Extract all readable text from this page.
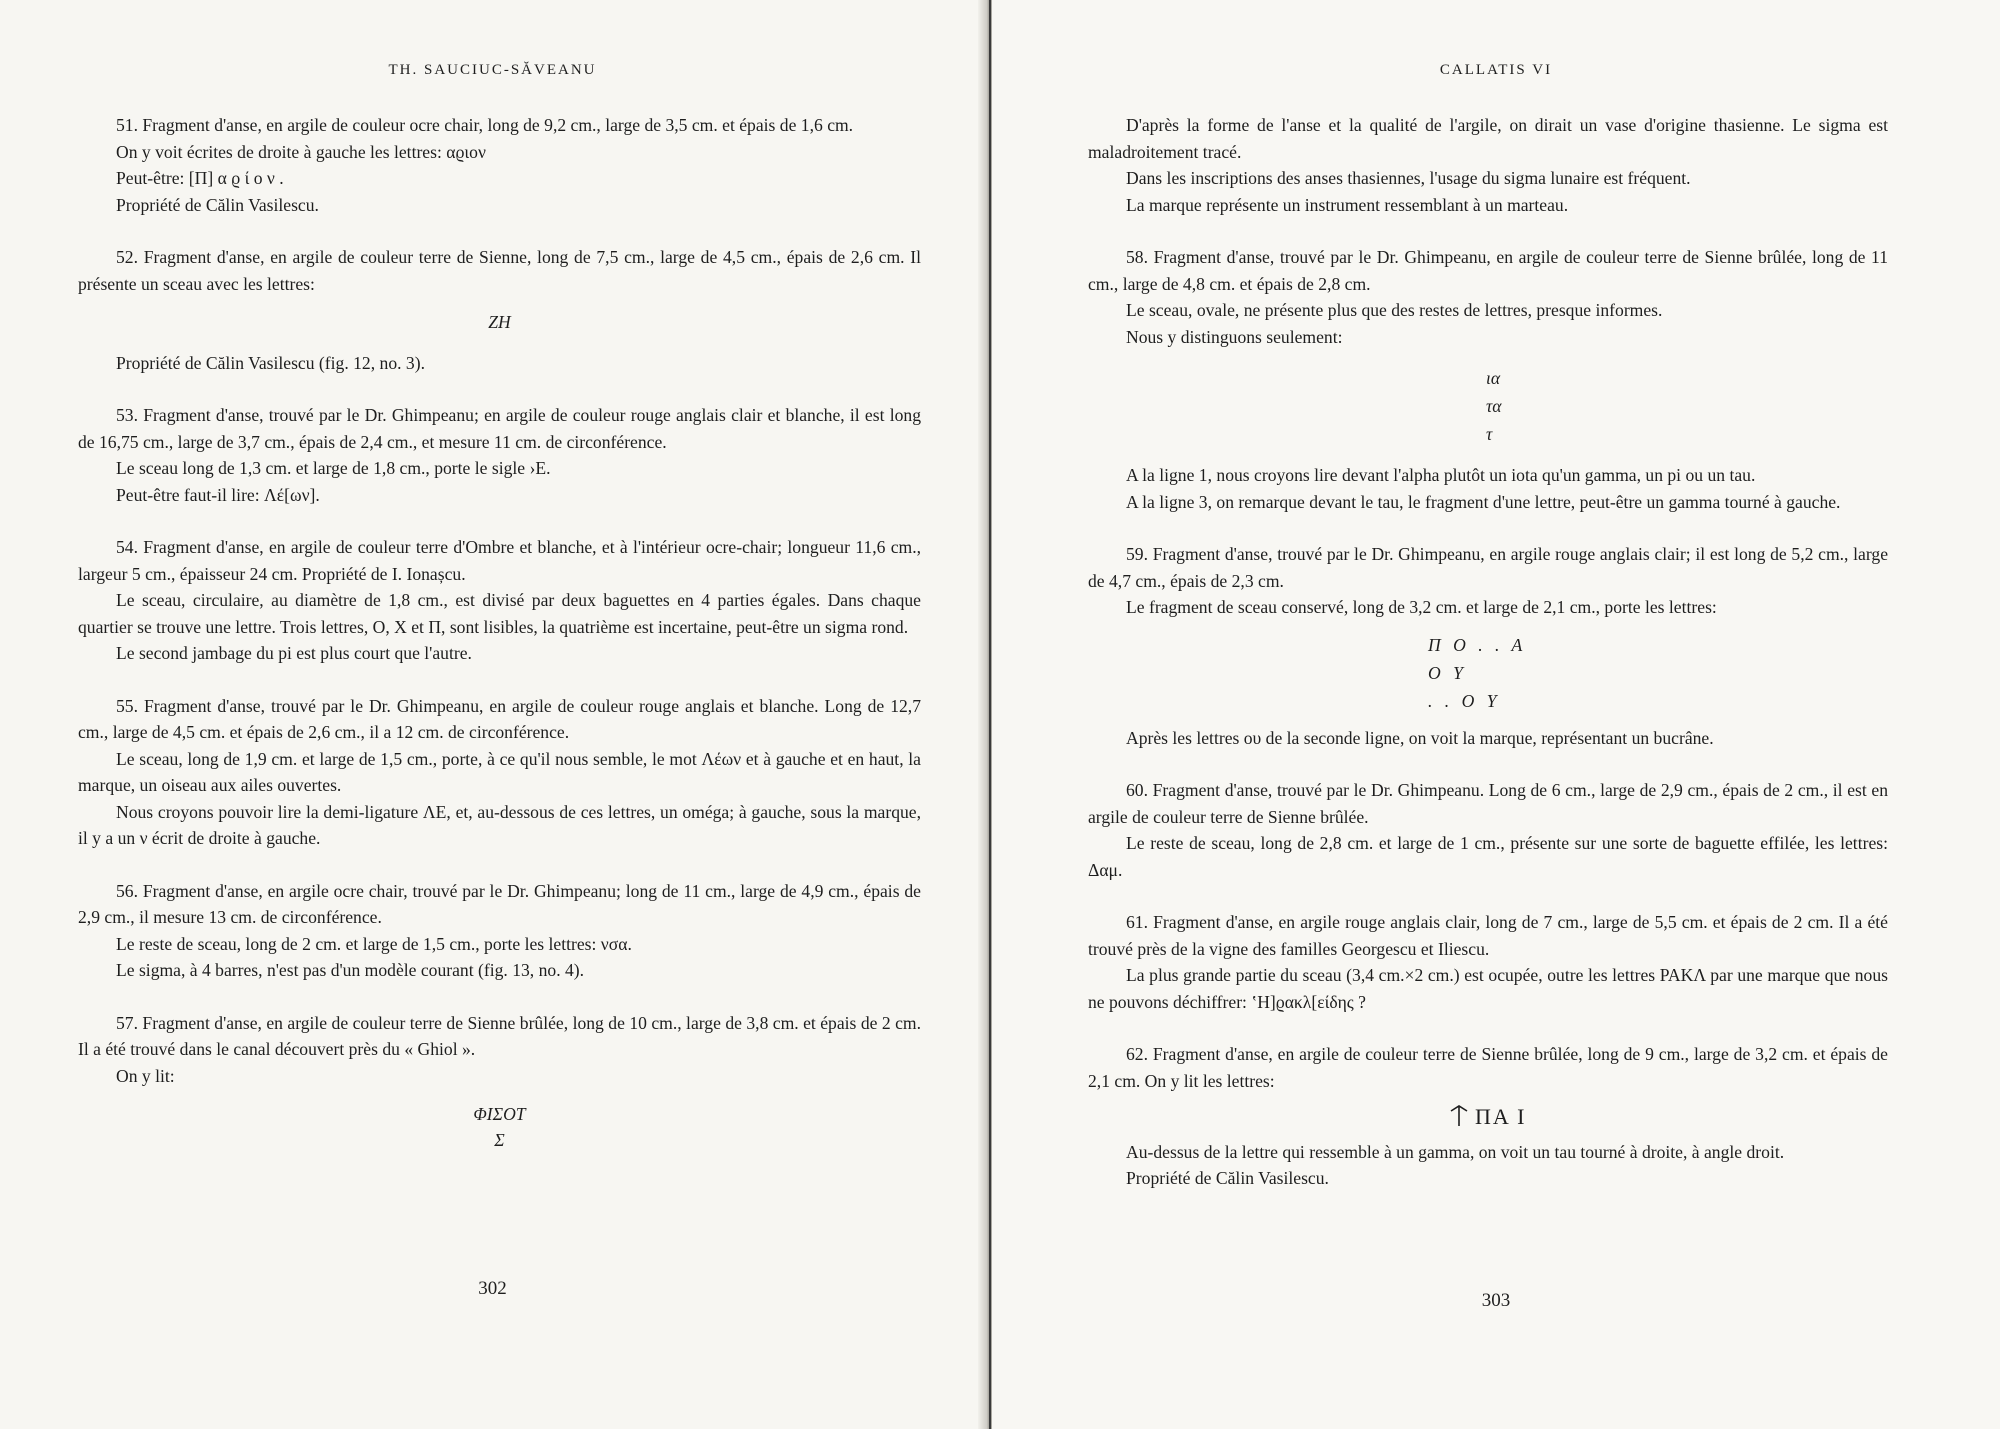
TH. SAUCIUC-SĂVEANU

51. Fragment d'anse, en argile de couleur ocre chair, long de 9,2 cm., large de 3,5 cm. et épais de 1,6 cm.

On y voit écrites de droite à gauche les lettres: αϱιον

Peut-être: [Π] α ϱ ί ο ν .

Propriété de Călin Vasilescu.

52. Fragment d'anse, en argile de couleur terre de Sienne, long de 7,5 cm., large de 4,5 cm., épais de 2,6 cm. Il présente un sceau avec les lettres:

ZH

Propriété de Călin Vasilescu (fig. 12, no. 3).

53. Fragment d'anse, trouvé par le Dr. Ghimpeanu; en argile de couleur rouge anglais clair et blanche, il est long de 16,75 cm., large de 3,7 cm., épais de 2,4 cm., et mesure 11 cm. de circonférence.

Le sceau long de 1,3 cm. et large de 1,8 cm., porte le sigle ›E.

Peut-être faut-il lire: Λέ[ων].

54. Fragment d'anse, en argile de couleur terre d'Ombre et blanche, et à l'intérieur ocre-chair; longueur 11,6 cm., largeur 5 cm., épaisseur 24 cm. Propriété de I. Ionașcu.

Le sceau, circulaire, au diamètre de 1,8 cm., est divisé par deux baguettes en 4 parties égales. Dans chaque quartier se trouve une lettre. Trois lettres, O, X et Π, sont lisibles, la quatrième est incertaine, peut-être un sigma rond.

Le second jambage du pi est plus court que l'autre.

55. Fragment d'anse, trouvé par le Dr. Ghimpeanu, en argile de couleur rouge anglais et blanche. Long de 12,7 cm., large de 4,5 cm. et épais de 2,6 cm., il a 12 cm. de circonférence.

Le sceau, long de 1,9 cm. et large de 1,5 cm., porte, à ce qu'il nous semble, le mot Λέων et à gauche et en haut, la marque, un oiseau aux ailes ouvertes.

Nous croyons pouvoir lire la demi-ligature ΛE, et, au-dessous de ces lettres, un oméga; à gauche, sous la marque, il y a un ν écrit de droite à gauche.

56. Fragment d'anse, en argile ocre chair, trouvé par le Dr. Ghimpeanu; long de 11 cm., large de 4,9 cm., épais de 2,9 cm., il mesure 13 cm. de circonférence.

Le reste de sceau, long de 2 cm. et large de 1,5 cm., porte les lettres: νσα.

Le sigma, à 4 barres, n'est pas d'un modèle courant (fig. 13, no. 4).

57. Fragment d'anse, en argile de couleur terre de Sienne brûlée, long de 10 cm., large de 3,8 cm. et épais de 2 cm. Il a été trouvé dans le canal découvert près du « Ghiol ».

On y lit:

ΦΙΣΟΤ
Σ
302
CALLATIS VI

D'après la forme de l'anse et la qualité de l'argile, on dirait un vase d'origine thasienne. Le sigma est maladroitement tracé.

Dans les inscriptions des anses thasiennes, l'usage du sigma lunaire est fréquent.

La marque représente un instrument ressemblant à un marteau.

58. Fragment d'anse, trouvé par le Dr. Ghimpeanu, en argile de couleur terre de Sienne brûlée, long de 11 cm., large de 4,8 cm. et épais de 2,8 cm.

Le sceau, ovale, ne présente plus que des restes de lettres, presque informes.

Nous y distinguons seulement:

ια
τα
τ

A la ligne 1, nous croyons lire devant l'alpha plutôt un iota qu'un gamma, un pi ou un tau.

A la ligne 3, on remarque devant le tau, le fragment d'une lettre, peut-être un gamma tourné à gauche.

59. Fragment d'anse, trouvé par le Dr. Ghimpeanu, en argile rouge anglais clair; il est long de 5,2 cm., large de 4,7 cm., épais de 2,3 cm.

Le fragment de sceau conservé, long de 3,2 cm. et large de 2,1 cm., porte les lettres:

Π Ο . . Α
Ο Υ
. . Ο Υ

Après les lettres ου de la seconde ligne, on voit la marque, représentant un bucrâne.

60. Fragment d'anse, trouvé par le Dr. Ghimpeanu. Long de 6 cm., large de 2,9 cm., épais de 2 cm., il est en argile de couleur terre de Sienne brûlée.

Le reste de sceau, long de 2,8 cm. et large de 1 cm., présente sur une sorte de baguette effilée, les lettres: Δαμ.

61. Fragment d'anse, en argile rouge anglais clair, long de 7 cm., large de 5,5 cm. et épais de 2 cm. Il a été trouvé près de la vigne des familles Georgescu et Iliescu.

La plus grande partie du sceau (3,4 cm.×2 cm.) est ocupée, outre les lettres PAKΛ par une marque que nous ne pouvons déchiffrer: ʽΗ]ϱακλ[είδης ?

62. Fragment d'anse, en argile de couleur terre de Sienne brûlée, long de 9 cm., large de 3,2 cm. et épais de 2,1 cm. On y lit les lettres:

ΠΑ Ι

Au-dessus de la lettre qui ressemble à un gamma, on voit un tau tourné à droite, à angle droit.

Propriété de Călin Vasilescu.

303
